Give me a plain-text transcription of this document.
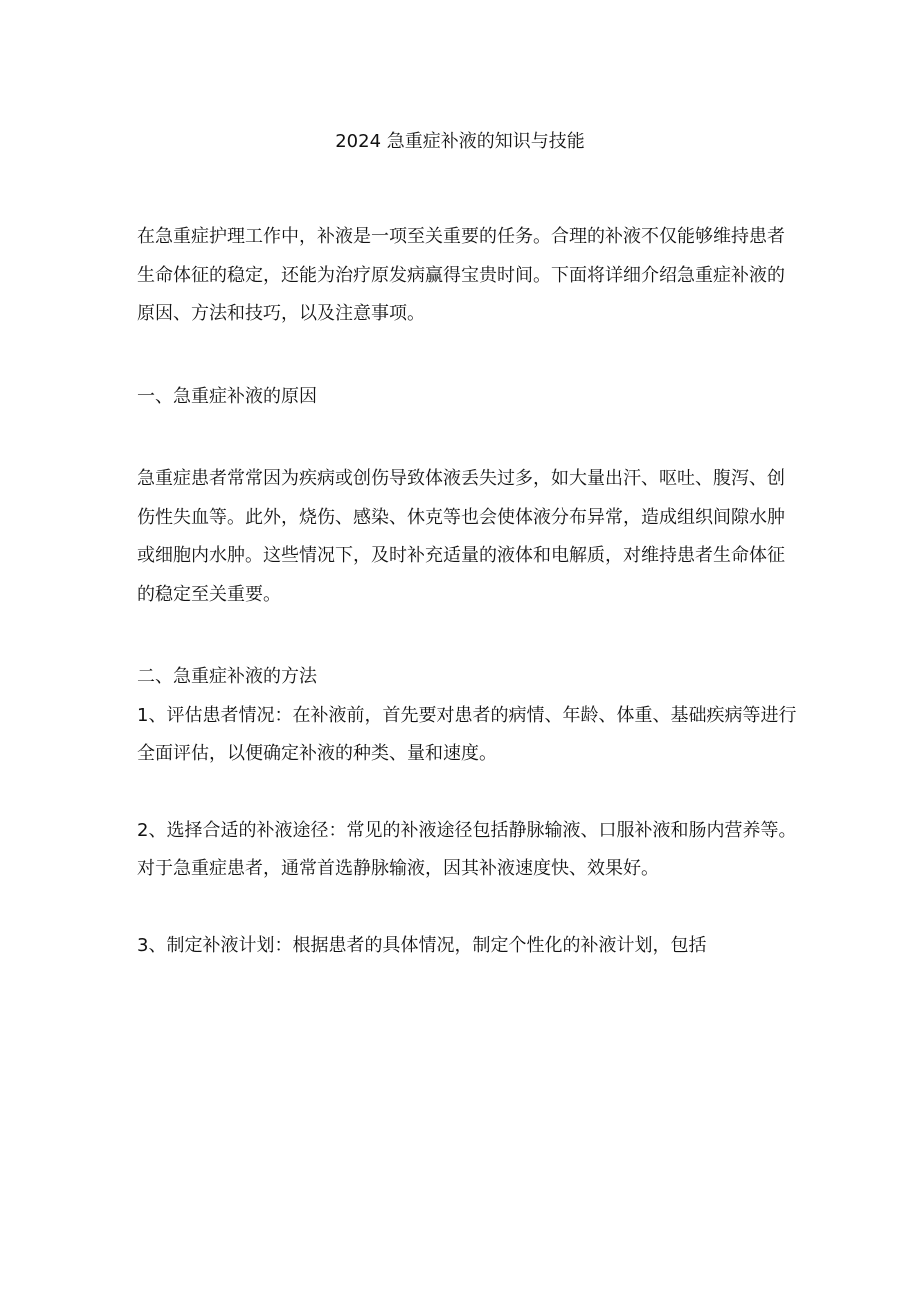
2024 急重症补液的知识与技能

在急重症护理工作中，补液是一项至关重要的任务。合理的补液不仅能够维持患者生命体征的稳定，还能为治疗原发病赢得宝贵时间。下面将详细介绍急重症补液的原因、方法和技巧，以及注意事项。

一、急重症补液的原因

急重症患者常常因为疾病或创伤导致体液丢失过多，如大量出汗、呕吐、腹泻、创伤性失血等。此外，烧伤、感染、休克等也会使体液分布异常，造成组织间隙水肿或细胞内水肿。这些情况下，及时补充适量的液体和电解质，对维持患者生命体征的稳定至关重要。

二、急重症补液的方法

1、评估患者情况：在补液前，首先要对患者的病情、年龄、体重、基础疾病等进行全面评估，以便确定补液的种类、量和速度。

2、选择合适的补液途径：常见的补液途径包括静脉输液、口服补液和肠内营养等。对于急重症患者，通常首选静脉输液，因其补液速度快、效果好。

3、制定补液计划：根据患者的具体情况，制定个性化的补液计划，包括
